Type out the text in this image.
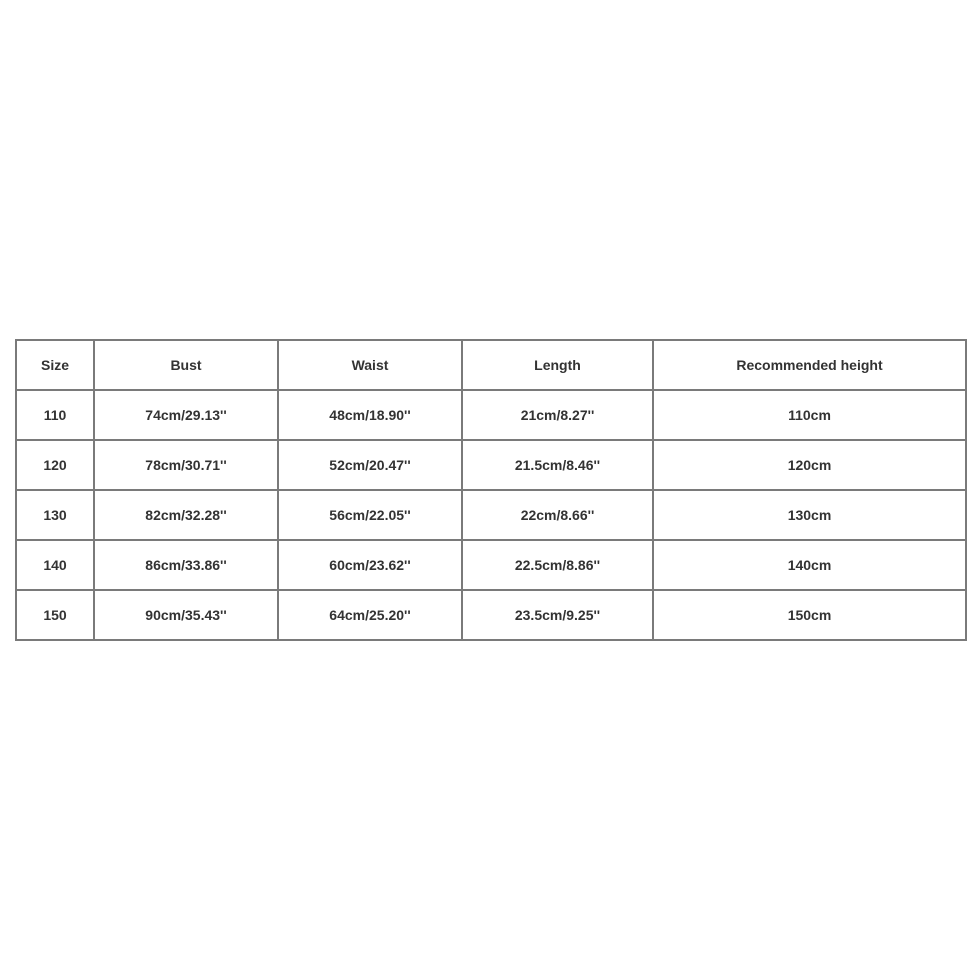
Size	Bust	Waist	Length	Recommended height
110	74cm/29.13''	48cm/18.90''	21cm/8.27''	110cm
120	78cm/30.71''	52cm/20.47''	21.5cm/8.46''	120cm
130	82cm/32.28''	56cm/22.05''	22cm/8.66''	130cm
140	86cm/33.86''	60cm/23.62''	22.5cm/8.86''	140cm
150	90cm/35.43''	64cm/25.20''	23.5cm/9.25''	150cm
